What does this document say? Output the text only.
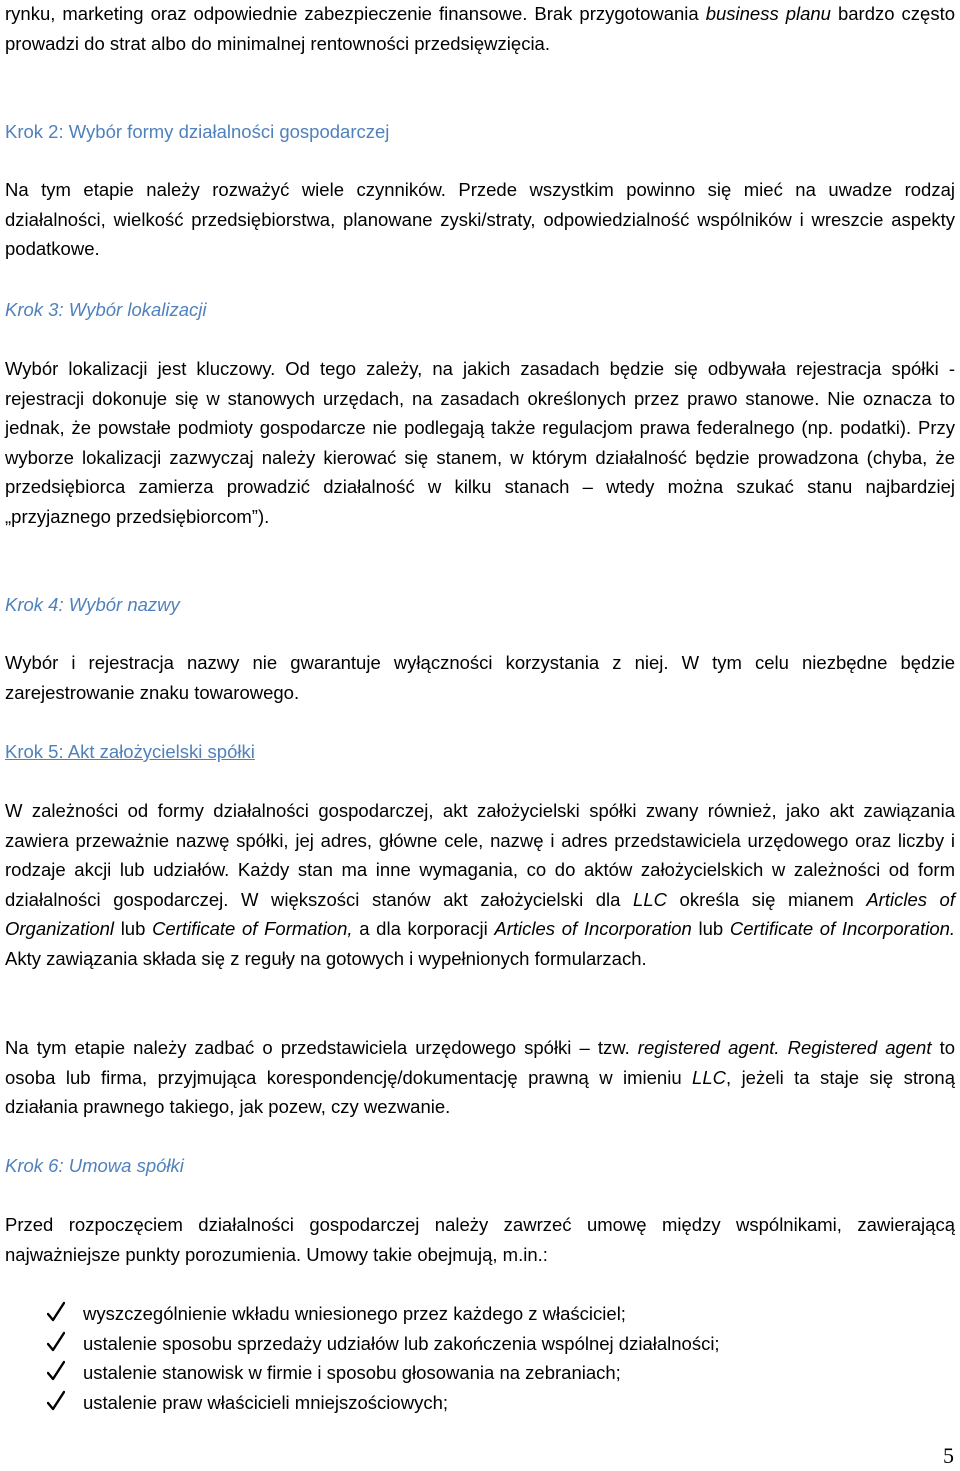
rynku, marketing oraz odpowiednie zabezpieczenie finansowe. Brak przygotowania business planu bardzo często prowadzi do strat albo do minimalnej rentowności przedsięwzięcia.

Krok 2: Wybór formy działalności gospodarczej

Na tym etapie należy rozważyć wiele czynników. Przede wszystkim powinno się mieć na uwadze rodzaj działalności, wielkość przedsiębiorstwa, planowane zyski/straty, odpowiedzialność wspólników i wreszcie aspekty podatkowe.

Krok 3: Wybór lokalizacji

Wybór lokalizacji jest kluczowy. Od tego zależy, na jakich zasadach będzie się odbywała rejestracja spółki - rejestracji dokonuje się w stanowych urzędach, na zasadach określonych przez prawo stanowe. Nie oznacza to jednak, że powstałe podmioty gospodarcze nie podlegają także regulacjom prawa federalnego (np. podatki). Przy wyborze lokalizacji zazwyczaj należy kierować się stanem, w którym działalność będzie prowadzona (chyba, że przedsiębiorca zamierza prowadzić działalność w kilku stanach – wtedy można szukać stanu najbardziej „przyjaznego przedsiębiorcom”).

Krok 4: Wybór nazwy

Wybór i rejestracja nazwy nie gwarantuje wyłączności korzystania z niej. W tym celu niezbędne będzie zarejestrowanie znaku towarowego.

Krok 5: Akt założycielski spółki

W zależności od formy działalności gospodarczej, akt założycielski spółki zwany również, jako akt zawiązania zawiera przeważnie nazwę spółki, jej adres, główne cele, nazwę i adres przedstawiciela urzędowego oraz liczby i rodzaje akcji lub udziałów. Każdy stan ma inne wymagania, co do aktów założycielskich w zależności od form działalności gospodarczej. W większości stanów akt założycielski dla LLC określa się mianem Articles of Organizationl lub Certificate of Formation, a dla korporacji Articles of Incorporation lub Certificate of Incorporation. Akty zawiązania składa się z reguły na gotowych i wypełnionych formularzach.

Na tym etapie należy zadbać o przedstawiciela urzędowego spółki – tzw. registered agent. Registered agent to osoba lub firma, przyjmująca korespondencję/dokumentację prawną w imieniu LLC, jeżeli ta staje się stroną działania prawnego takiego, jak pozew, czy wezwanie.

Krok 6: Umowa spółki

Przed rozpoczęciem działalności gospodarczej należy zawrzeć umowę między wspólnikami, zawierającą najważniejsze punkty porozumienia. Umowy takie obejmują, m.in.:

wyszczególnienie wkładu wniesionego przez każdego z właściciel;
ustalenie sposobu sprzedaży udziałów lub zakończenia wspólnej działalności;
ustalenie stanowisk w firmie i sposobu głosowania na zebraniach;
ustalenie praw właścicieli mniejszościowych;
5
